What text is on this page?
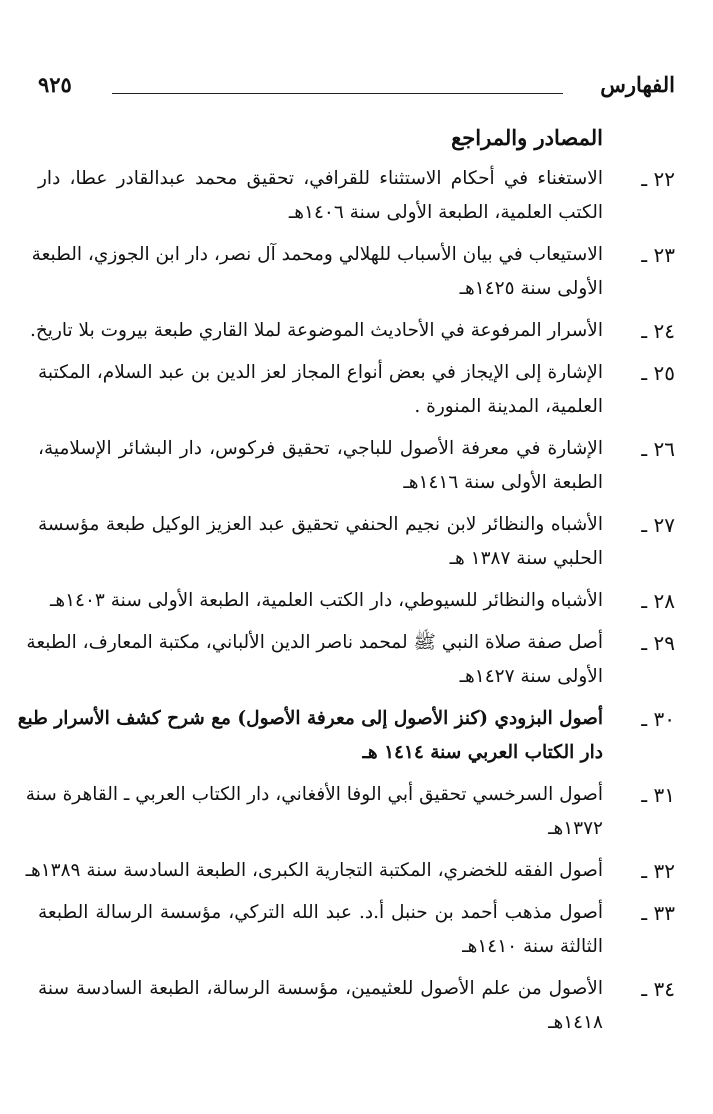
الفهارس
٩٢٥
المصادر والمراجع
٢٢ ـ
الاستغناء في أحكام الاستثناء للقرافي، تحقيق محمد عبدالقادر عطا، دار
الكتب العلمية، الطبعة الأولى سنة ١٤٠٦هـ
٢٣ ـ
الاستيعاب في بيان الأسباب للهلالي ومحمد آل نصر، دار ابن الجوزي، الطبعة
الأولى سنة ١٤٢٥هـ
٢٤ ـ
الأسرار المرفوعة في الأحاديث الموضوعة لملا القاري طبعة بيروت بلا تاريخ.
٢٥ ـ
الإشارة إلى الإيجاز في بعض أنواع المجاز لعز الدين بن عبد السلام، المكتبة
العلمية، المدينة المنورة .
٢٦ ـ
الإشارة في معرفة الأصول للباجي، تحقيق فركوس، دار البشائر الإسلامية،
الطبعة الأولى سنة ١٤١٦هـ
٢٧ ـ
الأشباه والنظائر لابن نجيم الحنفي تحقيق عبد العزيز الوكيل طبعة مؤسسة
الحلبي سنة ١٣٨٧ هـ
٢٨ ـ
الأشباه والنظائر للسيوطي، دار الكتب العلمية، الطبعة الأولى سنة ١٤٠٣هـ
٢٩ ـ
أصل صفة صلاة النبي ﷺ لمحمد ناصر الدين الألباني، مكتبة المعارف، الطبعة
الأولى سنة ١٤٢٧هـ
٣٠ ـ
أصول البزودي (كنز الأصول إلى معرفة الأصول) مع شرح كشف الأسرار طبع
دار الكتاب العربي سنة ١٤١٤ هـ
٣١ ـ
أصول السرخسي تحقيق أبي الوفا الأفغاني، دار الكتاب العربي ـ القاهرة سنة
١٣٧٢هـ
٣٢ ـ
أصول الفقه للخضري، المكتبة التجارية الكبرى، الطبعة السادسة سنة ١٣٨٩هـ
٣٣ ـ
أصول مذهب أحمد بن حنبل أ.د. عبد الله التركي، مؤسسة الرسالة الطبعة
الثالثة سنة ١٤١٠هـ
٣٤ ـ
الأصول من علم الأصول للعثيمين، مؤسسة الرسالة، الطبعة السادسة سنة
١٤١٨هـ
